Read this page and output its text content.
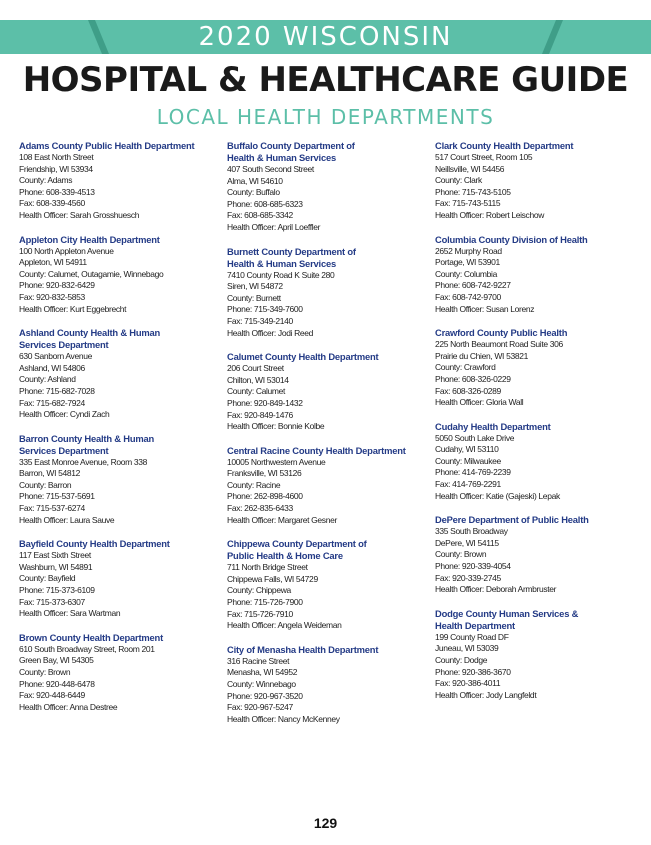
2020 WISCONSIN
HOSPITAL & HEALTHCARE GUIDE
LOCAL HEALTH DEPARTMENTS
Adams County Public Health Department
108 East North Street
Friendship, WI 53934
County: Adams
Phone: 608-339-4513
Fax: 608-339-4560
Health Officer: Sarah Grosshuesch
Appleton City Health Department
100 North Appleton Avenue
Appleton, WI 54911
County: Calumet, Outagamie, Winnebago
Phone: 920-832-6429
Fax: 920-832-5853
Health Officer: Kurt Eggebrecht
Ashland County Health & Human
Services Department
630 Sanborn Avenue
Ashland, WI 54806
County: Ashland
Phone: 715-682-7028
Fax: 715-682-7924
Health Officer: Cyndi Zach
Barron County Health & Human
Services Department
335 East Monroe Avenue, Room 338
Barron, WI 54812
County: Barron
Phone: 715-537-5691
Fax: 715-537-6274
Health Officer: Laura Sauve
Bayfield County Health Department
117 East Sixth Street
Washburn, WI 54891
County: Bayfield
Phone: 715-373-6109
Fax: 715-373-6307
Health Officer: Sara Wartman
Brown County Health Department
610 South Broadway Street, Room 201
Green Bay, WI 54305
County: Brown
Phone: 920-448-6478
Fax: 920-448-6449
Health Officer: Anna Destree
Buffalo County Department of
Health & Human Services
407 South Second Street
Alma, WI 54610
County: Buffalo
Phone: 608-685-6323
Fax: 608-685-3342
Health Officer: April Loeffler
Burnett County Department of
Health & Human Services
7410 County Road K Suite 280
Siren, WI 54872
County: Burnett
Phone: 715-349-7600
Fax: 715-349-2140
Health Officer: Jodi Reed
Calumet County Health Department
206 Court Street
Chilton, WI 53014
County: Calumet
Phone: 920-849-1432
Fax: 920-849-1476
Health Officer: Bonnie Kolbe
Central Racine County Health Department
10005 Northwestern Avenue
Franksville, WI 53126
County: Racine
Phone: 262-898-4600
Fax: 262-835-6433
Health Officer: Margaret Gesner
Chippewa County Department of
Public Health & Home Care
711 North Bridge Street
Chippewa Falls, WI 54729
County: Chippewa
Phone: 715-726-7900
Fax: 715-726-7910
Health Officer: Angela Weideman
City of Menasha Health Department
316 Racine Street
Menasha, WI 54952
County: Winnebago
Phone: 920-967-3520
Fax: 920-967-5247
Health Officer: Nancy McKenney
Clark County Health Department
517 Court Street, Room 105
Neillsville, WI 54456
County: Clark
Phone: 715-743-5105
Fax: 715-743-5115
Health Officer: Robert Leischow
Columbia County Division of Health
2652 Murphy Road
Portage, WI 53901
County: Columbia
Phone: 608-742-9227
Fax: 608-742-9700
Health Officer: Susan Lorenz
Crawford County Public Health
225 North Beaumont Road Suite 306
Prairie du Chien, WI 53821
County: Crawford
Phone: 608-326-0229
Fax: 608-326-0289
Health Officer: Gloria Wall
Cudahy Health Department
5050 South Lake Drive
Cudahy, WI 53110
County: Milwaukee
Phone: 414-769-2239
Fax: 414-769-2291
Health Officer: Katie (Gajeski) Lepak
DePere Department of Public Health
335 South Broadway
DePere, WI 54115
County: Brown
Phone: 920-339-4054
Fax: 920-339-2745
Health Officer: Deborah Armbruster
Dodge County Human Services &
Health Department
199 County Road DF
Juneau, WI 53039
County: Dodge
Phone: 920-386-3670
Fax: 920-386-4011
Health Officer: Jody Langfeldt
129
